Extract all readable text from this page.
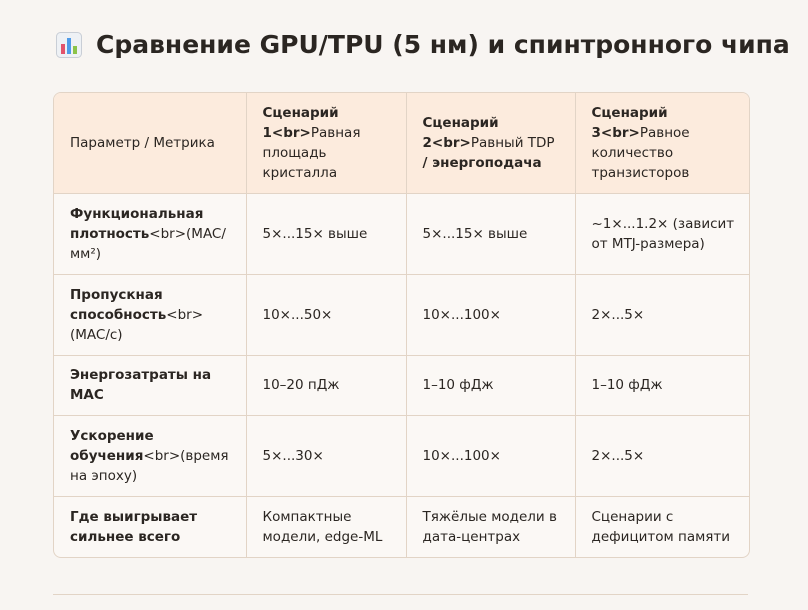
Сравнение GPU/TPU (5 нм) и спинтронного чипа
Параметр / Метрика	Сценарий 1<br>Равная площадь кристалла	Сценарий 2<br>Равный TDP / энергоподача	Сценарий 3<br>Равное количество транзисторов
Функциональная плотность<br>(MAC/мм²)	5×...15× выше	5×...15× выше	~1×...1.2× (зависит от MTJ-размера)
Пропускная способность<br>(MAC/с)	10×...50×	10×...100×	2×...5×
Энергозатраты на MAC	10–20 пДж	1–10 фДж	1–10 фДж
Ускорение обучения<br>(время на эпоху)	5×...30×	10×...100×	2×...5×
Где выигрывает сильнее всего	Компактные модели, edge-ML	Тяжёлые модели в дата-центрах	Сценарии с дефицитом памяти
